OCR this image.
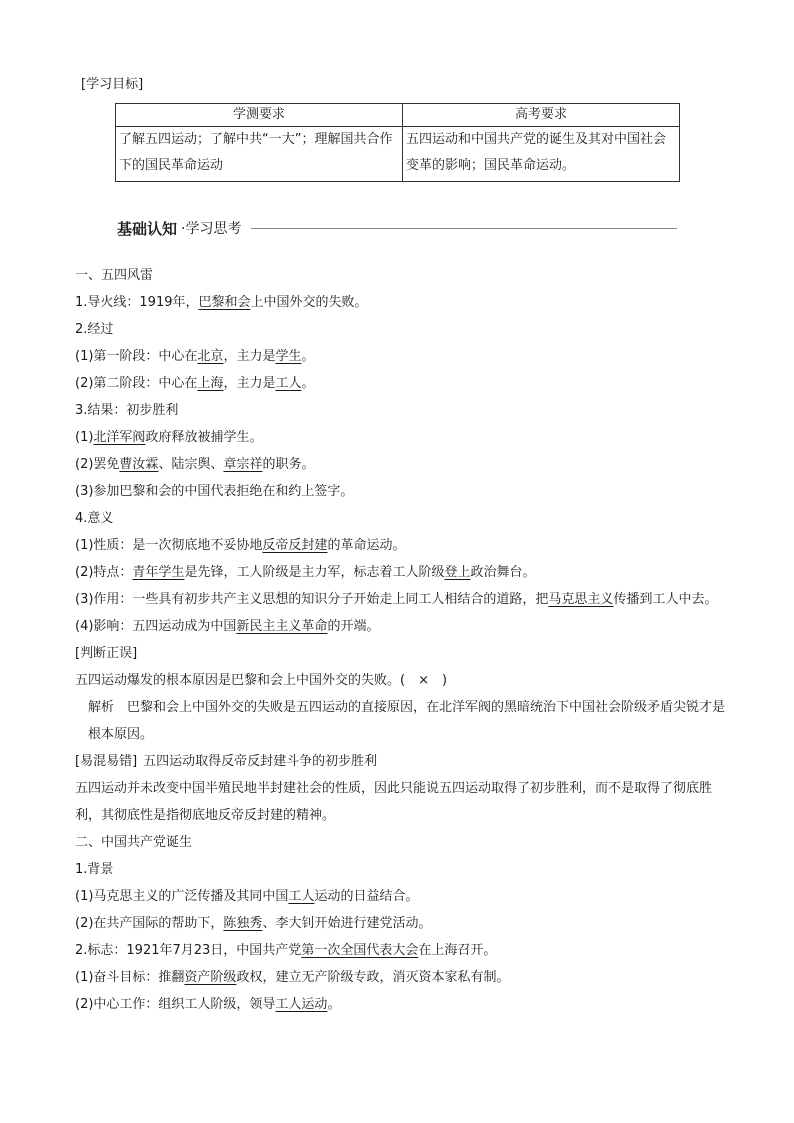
[学习目标]
学测要求	高考要求
了解五四运动；了解中共“一大”；理解国共合作下的国民革命运动	五四运动和中国共产党的诞生及其对中国社会变革的影响；国民革命运动。
基础认知 ·学习思考
一、五四风雷
1.导火线：1919年，巴黎和会上中国外交的失败。
2.经过
(1)第一阶段：中心在北京，主力是学生。
(2)第二阶段：中心在上海，主力是工人。
3.结果：初步胜利
(1)北洋军阀政府释放被捕学生。
(2)罢免曹汝霖、陆宗舆、章宗祥的职务。
(3)参加巴黎和会的中国代表拒绝在和约上签字。
4.意义
(1)性质：是一次彻底地不妥协地反帝反封建的革命运动。
(2)特点：青年学生是先锋，工人阶级是主力军，标志着工人阶级登上政治舞台。
(3)作用：一些具有初步共产主义思想的知识分子开始走上同工人相结合的道路，把马克思主义传播到工人中去。
(4)影响：五四运动成为中国新民主主义革命的开端。
[判断正误]
五四运动爆发的根本原因是巴黎和会上中国外交的失败。(　×　)
解析　巴黎和会上中国外交的失败是五四运动的直接原因，在北洋军阀的黑暗统治下中国社会阶级矛盾尖锐才是根本原因。
[易混易错] 五四运动取得反帝反封建斗争的初步胜利
五四运动并未改变中国半殖民地半封建社会的性质，因此只能说五四运动取得了初步胜利，而不是取得了彻底胜利，其彻底性是指彻底地反帝反封建的精神。
二、中国共产党诞生
1.背景
(1)马克思主义的广泛传播及其同中国工人运动的日益结合。
(2)在共产国际的帮助下，陈独秀、李大钊开始进行建党活动。
2.标志：1921年7月23日，中国共产党第一次全国代表大会在上海召开。
(1)奋斗目标：推翻资产阶级政权，建立无产阶级专政，消灭资本家私有制。
(2)中心工作：组织工人阶级，领导工人运动。
